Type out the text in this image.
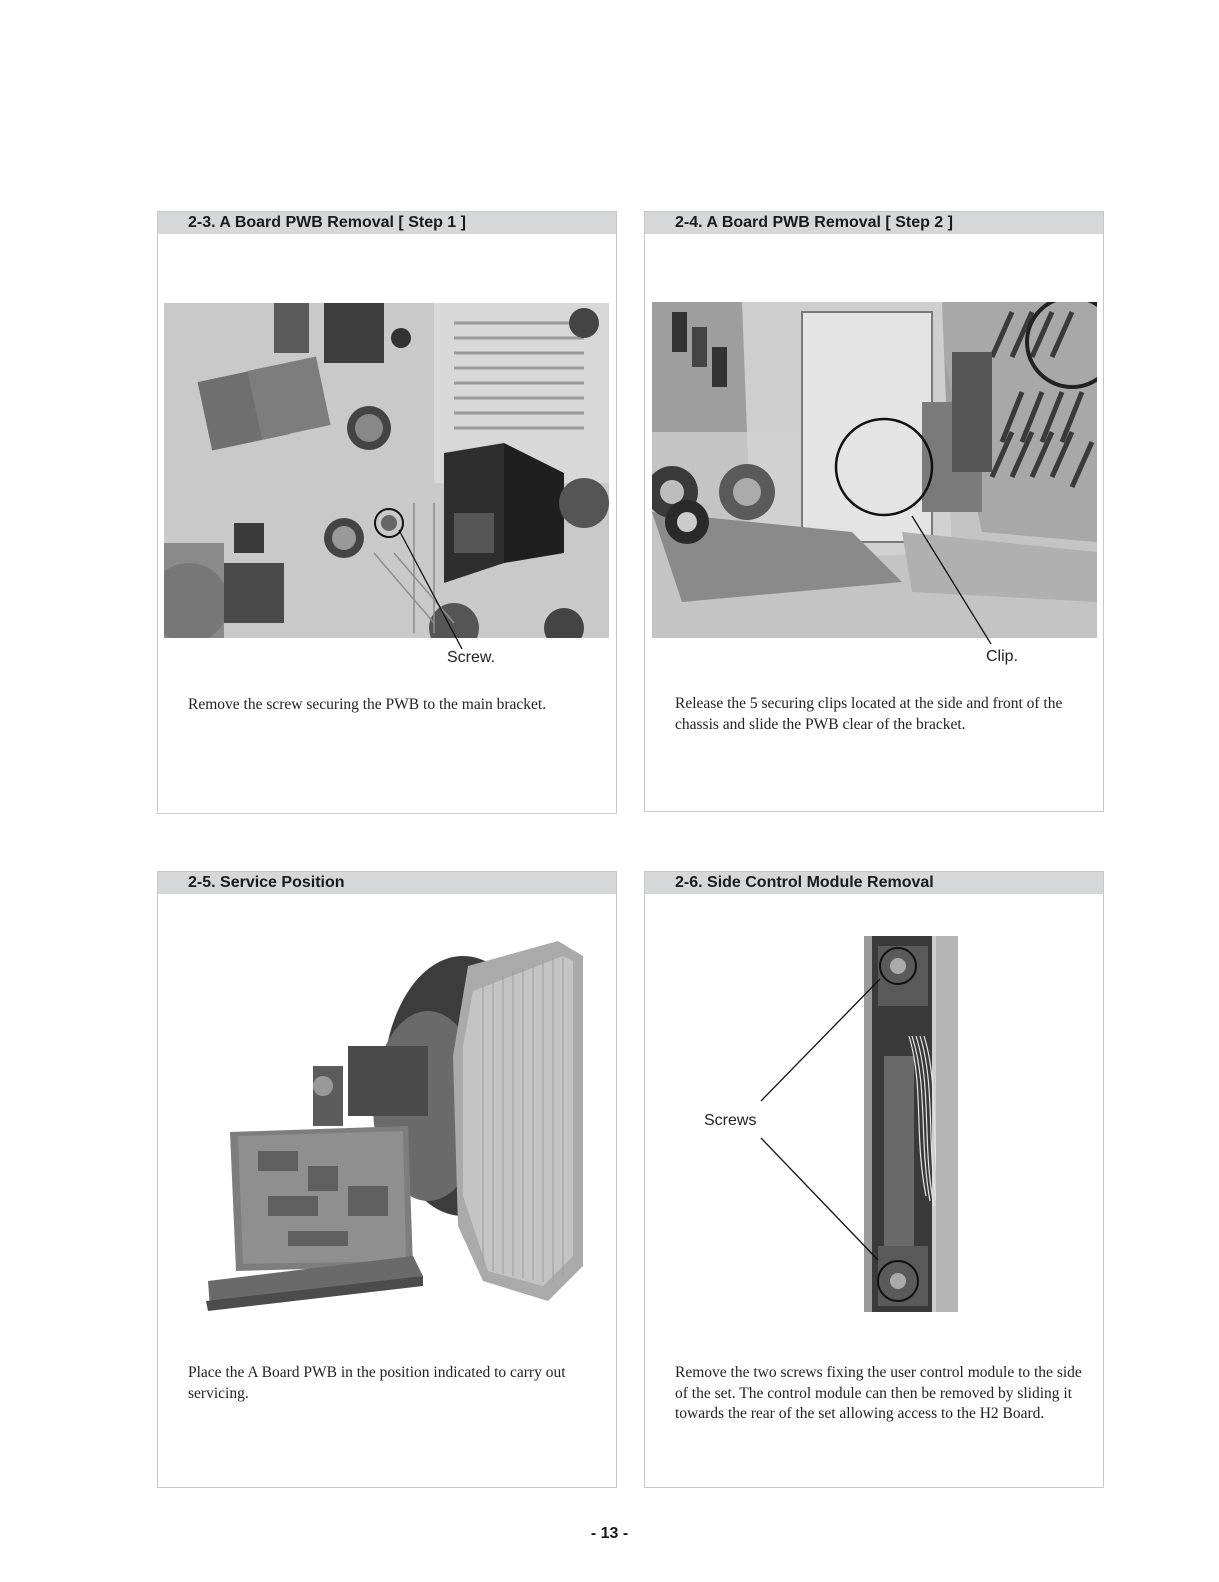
2-3. A Board PWB Removal [ Step 1 ]
Screw.
Remove the screw securing the PWB to the main bracket.
2-4. A Board PWB Removal [ Step 2 ]
Clip.
Release the 5 securing clips located at the side and front of the chassis and slide the PWB clear of the bracket.
2-5. Service Position
Place the A Board PWB in the position indicated to carry out servicing.
2-6. Side Control Module Removal
Screws
Remove the two screws fixing the user control module to the side of the set. The control module can then be removed by sliding it towards the rear of the set allowing access to the H2 Board.
- 13 -
